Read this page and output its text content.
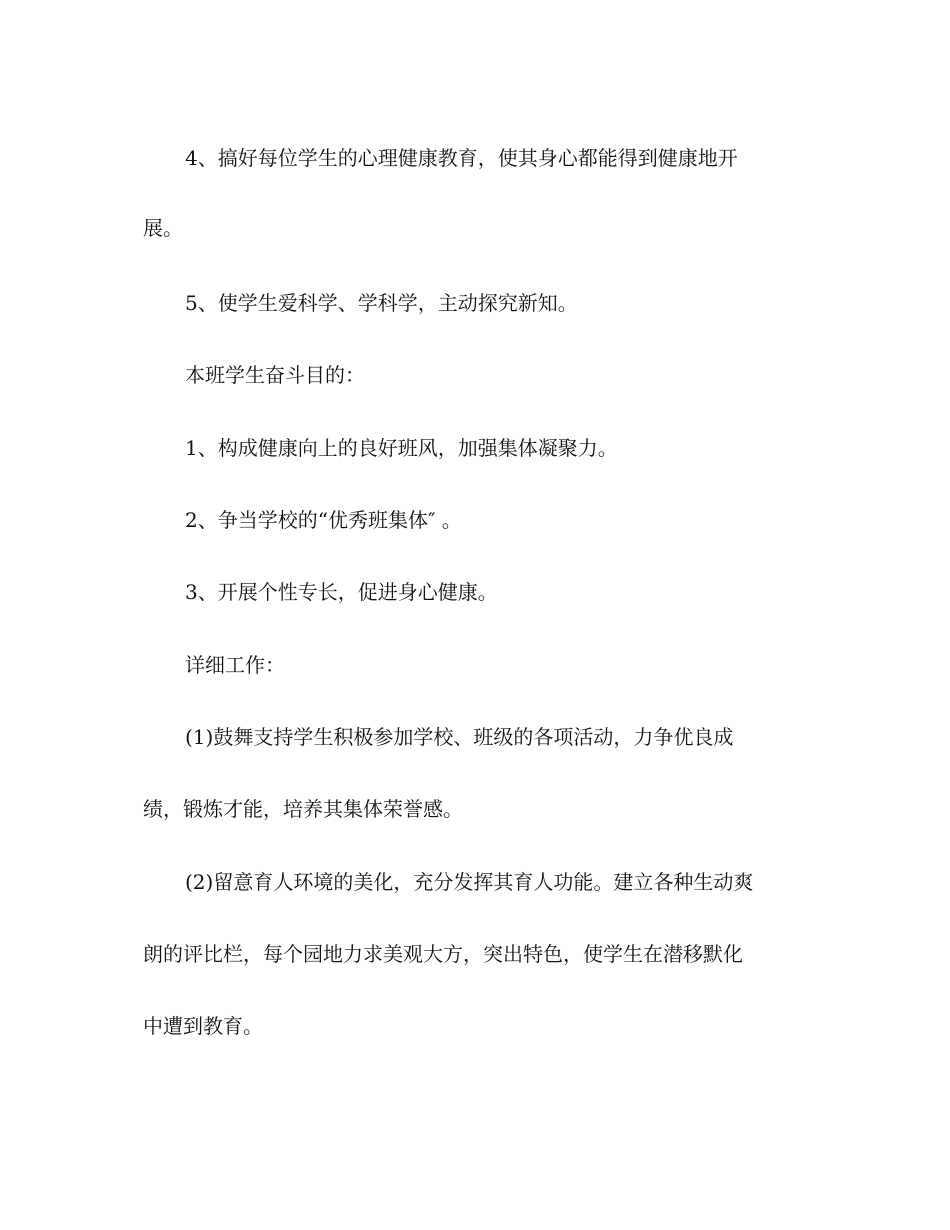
4、搞好每位学生的心理健康教育，使其身心都能得到健康地开

展。

5、使学生爱科学、学科学，主动探究新知。

本班学生奋斗目的：

1、构成健康向上的良好班风，加强集体凝聚力。

2、争当学校的“优秀班集体″ 。

3、开展个性专长，促进身心健康。

详细工作：

(1)鼓舞支持学生积极参加学校、班级的各项活动，力争优良成

绩，锻炼才能，培养其集体荣誉感。

(2)留意育人环境的美化，充分发挥其育人功能。建立各种生动爽

朗的评比栏，每个园地力求美观大方，突出特色，使学生在潜移默化

中遭到教育。
